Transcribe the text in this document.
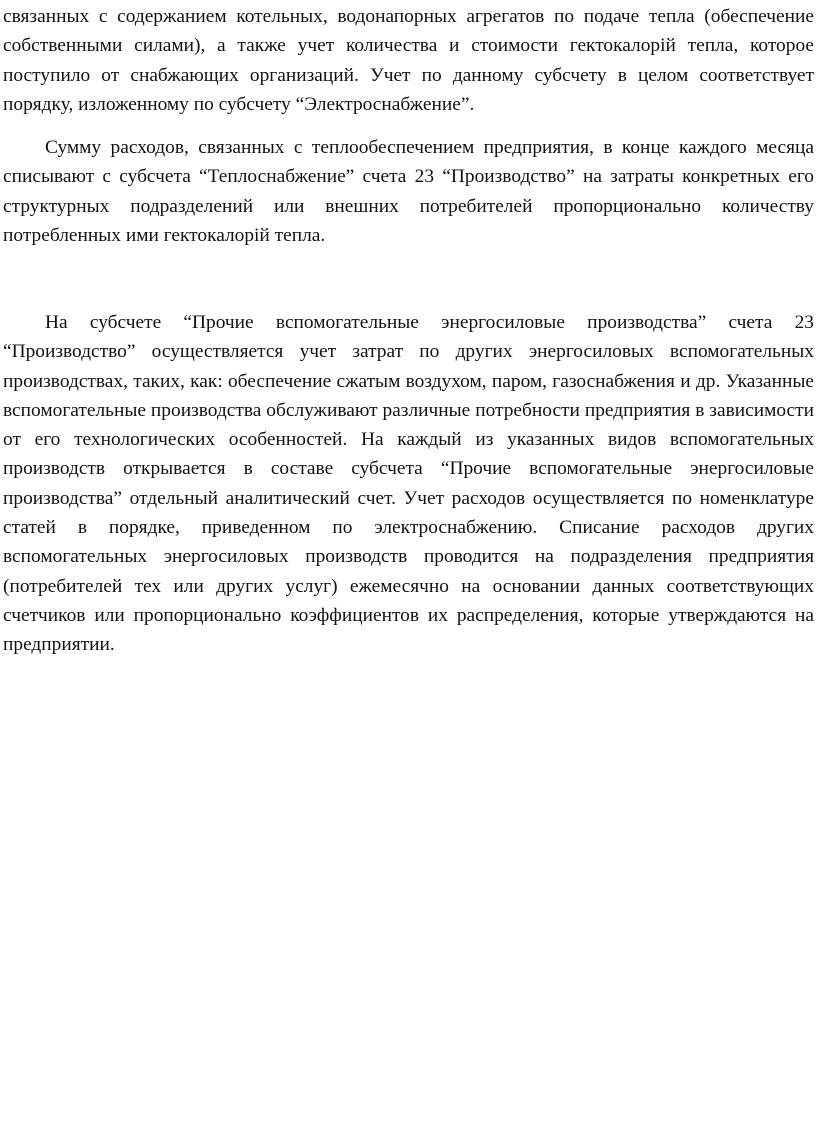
связанных с содержанием котельных, водонапорных агрегатов по подаче тепла (обеспечение собственными силами), а также учет количества и стоимости гектокалорій тепла, которое поступило от снабжающих организаций. Учет по данному субсчету в целом соответствует порядку, изложенному по субсчету “Электроснабжение”.

Сумму расходов, связанных с теплообеспечением предприятия, в конце каждого месяца списывают с субсчета “Теплоснабжение” счета 23 “Производство” на затраты конкретных его структурных подразделений или внешних потребителей пропорционально количеству потребленных ими гектокалорій тепла.

На субсчете “Прочие вспомогательные энергосиловые производства” счета 23 “Производство” осуществляется учет затрат по других энергосиловых вспомогательных производствах, таких, как: обеспечение сжатым воздухом, паром, газоснабжения и др. Указанные вспомогательные производства обслуживают различные потребности предприятия в зависимости от его технологических особенностей. На каждый из указанных видов вспомогательных производств открывается в составе субсчета “Прочие вспомогательные энергосиловые производства” отдельный аналитический счет. Учет расходов осуществляется по номенклатуре статей в порядке, приведенном по электроснабжению. Списание расходов других вспомогательных энергосиловых производств проводится на подразделения предприятия (потребителей тех или других услуг) ежемесячно на основании данных соответствующих счетчиков или пропорционально коэффициентов их распределения, которые утверждаются на предприятии.
